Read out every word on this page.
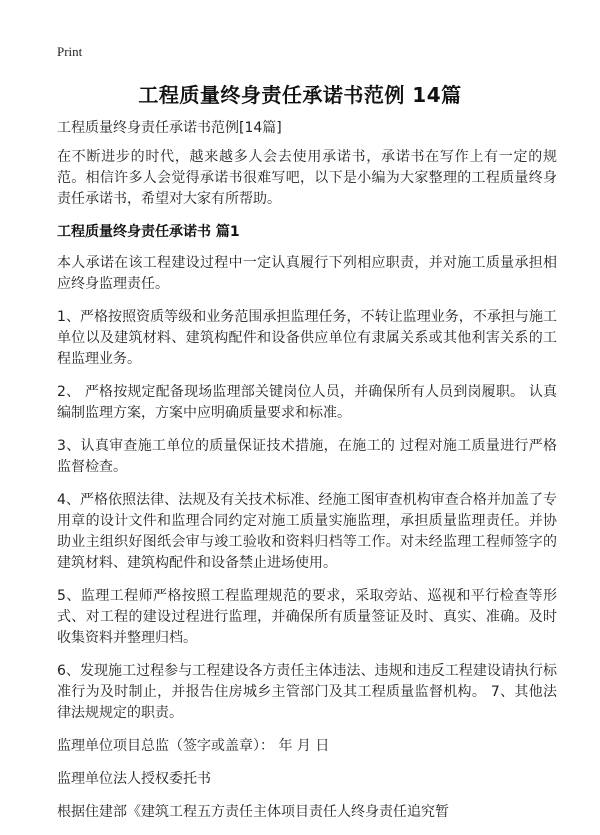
Print
工程质量终身责任承诺书范例 14篇

工程质量终身责任承诺书范例[14篇]

在不断进步的时代，越来越多人会去使用承诺书，承诺书在写作上有一定的规范。相信许多人会觉得承诺书很难写吧，以下是小编为大家整理的工程质量终身责任承诺书，希望对大家有所帮助。

工程质量终身责任承诺书 篇1

本人承诺在该工程建设过程中一定认真履行下列相应职责，并对施工质量承担相应终身监理责任。

1、严格按照资质等级和业务范围承担监理任务，不转让监理业务，不承担与施工单位以及建筑材料、建筑构配件和设备供应单位有隶属关系或其他利害关系的工程监理业务。

2、 严格按规定配备现场监理部关键岗位人员，并确保所有人员到岗履职。 认真编制监理方案，方案中应明确质量要求和标准。

3、认真审查施工单位的质量保证技术措施，在施工的 过程对施工质量进行严格监督检查。

4、严格依照法律、法规及有关技术标准、经施工图审查机构审查合格并加盖了专用章的设计文件和监理合同约定对施工质量实施监理，承担质量监理责任。并协助业主组织好图纸会审与竣工验收和资料归档等工作。对未经监理工程师签字的建筑材料、建筑构配件和设备禁止进场使用。

5、监理工程师严格按照工程监理规范的要求，采取旁站、巡视和平行检查等形式、对工程的建设过程进行监理，并确保所有质量签证及时、真实、准确。及时收集资料并整理归档。

6、发现施工过程参与工程建设各方责任主体违法、违规和违反工程建设请执行标准行为及时制止，并报告住房城乡主管部门及其工程质量监督机构。 7、其他法律法规规定的职责。

监理单位项目总监（签字或盖章）： 年 月 日

监理单位法人授权委托书

根据住建部《建筑工程五方责任主体项目责任人终身责任追究暂
